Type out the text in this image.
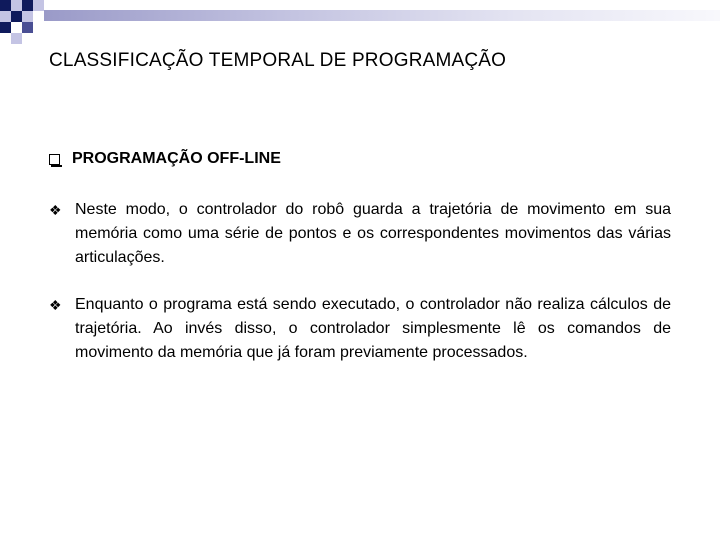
CLASSIFICAÇÃO TEMPORAL DE PROGRAMAÇÃO
PROGRAMAÇÃO OFF-LINE
❖ Neste modo, o controlador do robô guarda a trajetória de movimento em sua memória como uma série de pontos e os correspondentes movimentos das várias articulações.
❖ Enquanto o programa está sendo executado, o controlador não realiza cálculos de trajetória. Ao invés disso, o controlador simplesmente lê os comandos de movimento da memória que já foram previamente processados.
